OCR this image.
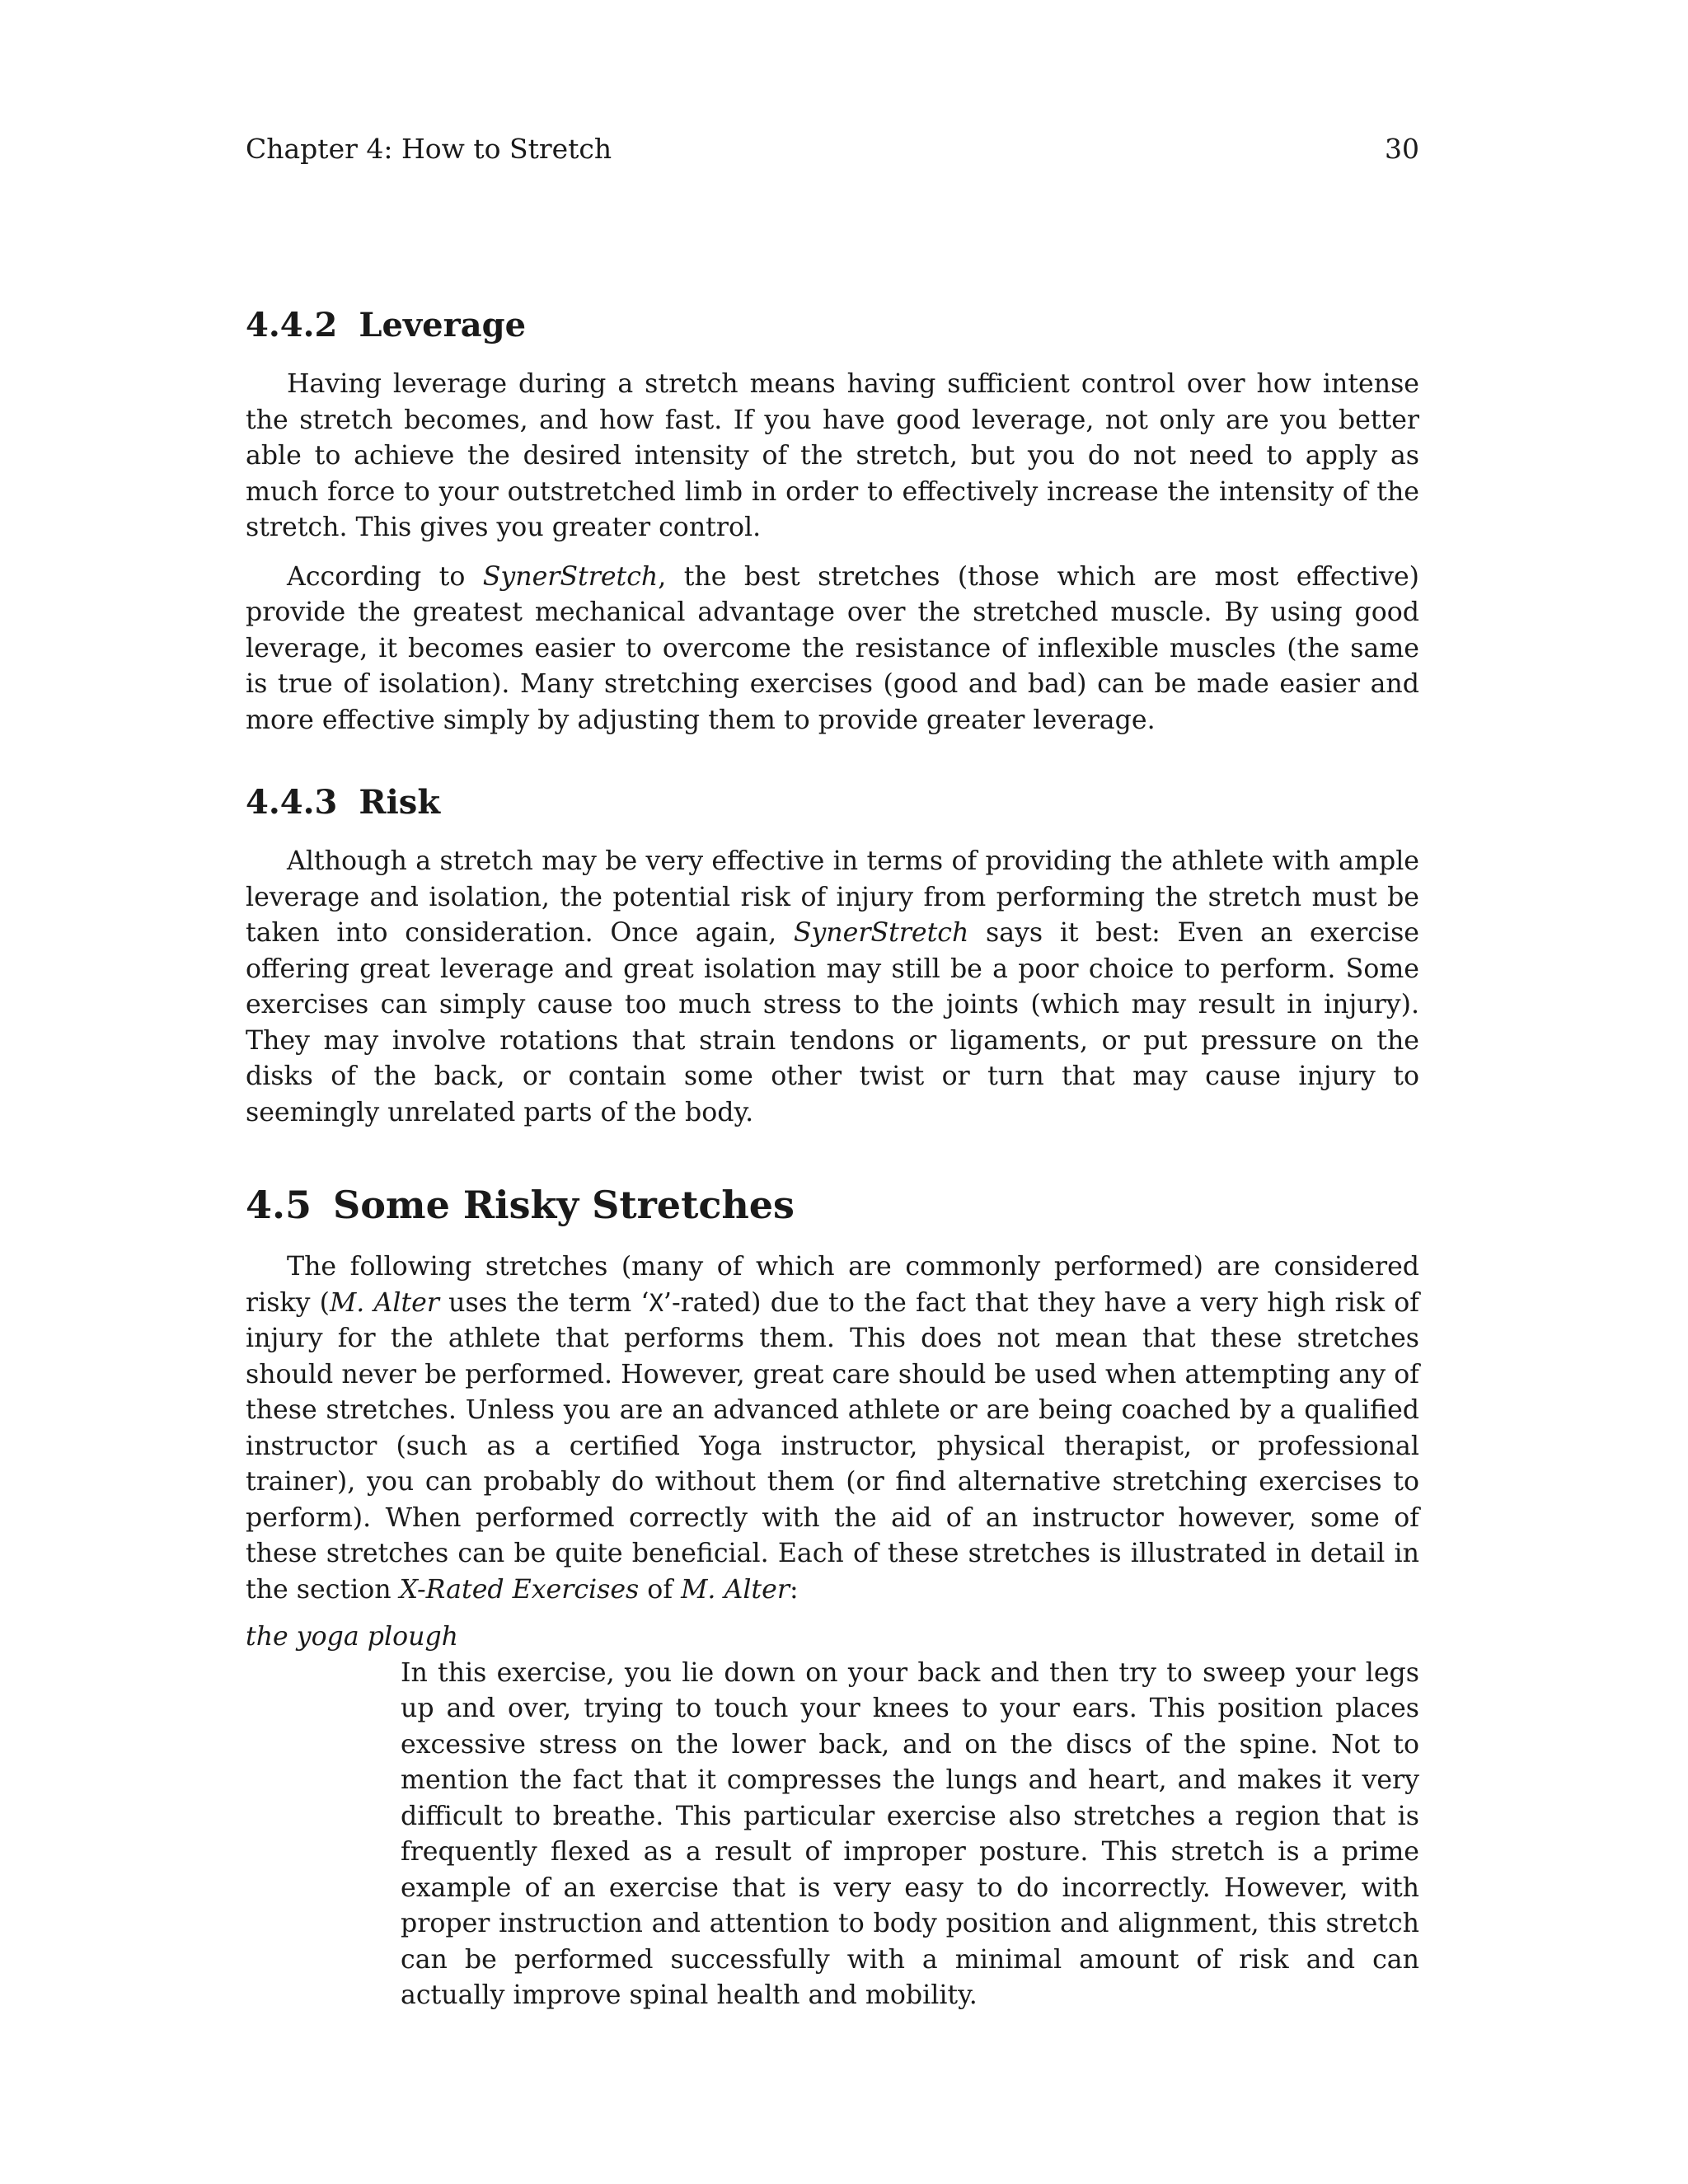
Chapter 4: How to Stretch	30
4.4.2 Leverage

Having leverage during a stretch means having sufficient control over how intense the stretch becomes, and how fast. If you have good leverage, not only are you better able to achieve the desired intensity of the stretch, but you do not need to apply as much force to your outstretched limb in order to effectively increase the intensity of the stretch. This gives you greater control.

According to SynerStretch, the best stretches (those which are most effective) provide the greatest mechanical advantage over the stretched muscle. By using good leverage, it becomes easier to overcome the resistance of inflexible muscles (the same is true of isolation). Many stretching exercises (good and bad) can be made easier and more effective simply by adjusting them to provide greater leverage.

4.4.3 Risk

Although a stretch may be very effective in terms of providing the athlete with ample leverage and isolation, the potential risk of injury from performing the stretch must be taken into consideration. Once again, SynerStretch says it best: Even an exercise offering great leverage and great isolation may still be a poor choice to perform. Some exercises can simply cause too much stress to the joints (which may result in injury). They may involve rotations that strain tendons or ligaments, or put pressure on the disks of the back, or contain some other twist or turn that may cause injury to seemingly unrelated parts of the body.

4.5 Some Risky Stretches

The following stretches (many of which are commonly performed) are considered risky (M. Alter uses the term ‘X’-rated) due to the fact that they have a very high risk of injury for the athlete that performs them. This does not mean that these stretches should never be performed. However, great care should be used when attempting any of these stretches. Unless you are an advanced athlete or are being coached by a qualified instructor (such as a certified Yoga instructor, physical therapist, or professional trainer), you can probably do without them (or find alternative stretching exercises to perform). When performed correctly with the aid of an instructor however, some of these stretches can be quite beneficial. Each of these stretches is illustrated in detail in the section X-Rated Exercises of M. Alter:

the yoga plough
In this exercise, you lie down on your back and then try to sweep your legs up and over, trying to touch your knees to your ears. This position places excessive stress on the lower back, and on the discs of the spine. Not to mention the fact that it compresses the lungs and heart, and makes it very difficult to breathe. This particular exercise also stretches a region that is frequently flexed as a result of improper posture. This stretch is a prime example of an exercise that is very easy to do incorrectly. However, with proper instruction and attention to body position and alignment, this stretch can be performed successfully with a minimal amount of risk and can actually improve spinal health and mobility.
